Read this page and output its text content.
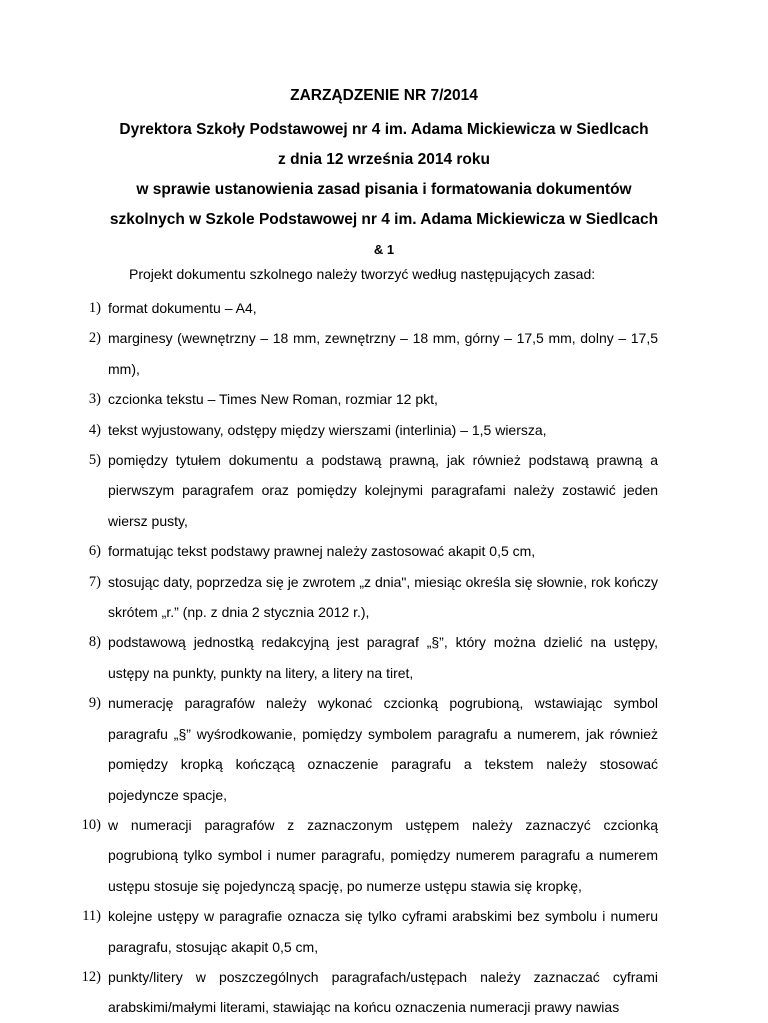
ZARZĄDZENIE NR 7/2014
Dyrektora Szkoły Podstawowej nr 4 im. Adama Mickiewicza w Siedlcach
z dnia 12 września 2014 roku
w sprawie ustanowienia zasad pisania i formatowania dokumentów
szkolnych w Szkole Podstawowej nr 4 im. Adama Mickiewicza w Siedlcach
& 1
Projekt dokumentu szkolnego należy tworzyć według następujących zasad:
1) format dokumentu – A4,
2) marginesy (wewnętrzny – 18 mm, zewnętrzny – 18 mm, górny – 17,5 mm, dolny – 17,5 mm),
3) czcionka tekstu – Times New Roman, rozmiar 12 pkt,
4) tekst wyjustowany, odstępy między wierszami (interlinia) – 1,5 wiersza,
5) pomiędzy tytułem dokumentu a podstawą prawną, jak również podstawą prawną a pierwszym paragrafem oraz pomiędzy kolejnymi paragrafami należy zostawić jeden wiersz pusty,
6) formatując tekst podstawy prawnej należy zastosować akapit 0,5 cm,
7) stosując daty, poprzedza się je zwrotem „z dnia", miesiąc określa się słownie, rok kończy skrótem „r.” (np. z dnia 2 stycznia 2012 r.),
8) podstawową jednostką redakcyjną jest paragraf „§”, który można dzielić na ustępy, ustępy na punkty, punkty na litery, a litery na tiret,
9) numerację paragrafów należy wykonać czcionką pogrubioną, wstawiając symbol paragrafu „§” wyśrodkowanie, pomiędzy symbolem paragrafu a numerem, jak również pomiędzy kropką kończącą oznaczenie paragrafu a tekstem należy stosować pojedyncze spacje,
10) w numeracji paragrafów z zaznaczonym ustępem należy zaznaczyć czcionką pogrubioną tylko symbol i numer paragrafu, pomiędzy numerem paragrafu a numerem ustępu stosuje się pojedynczą spację, po numerze ustępu stawia się kropkę,
11) kolejne ustępy w paragrafie oznacza się tylko cyframi arabskimi bez symbolu i numeru paragrafu, stosując akapit 0,5 cm,
12) punkty/litery w poszczególnych paragrafach/ustępach należy zaznaczać cyframi arabskimi/małymi literami, stawiając na końcu oznaczenia numeracji prawy nawias
